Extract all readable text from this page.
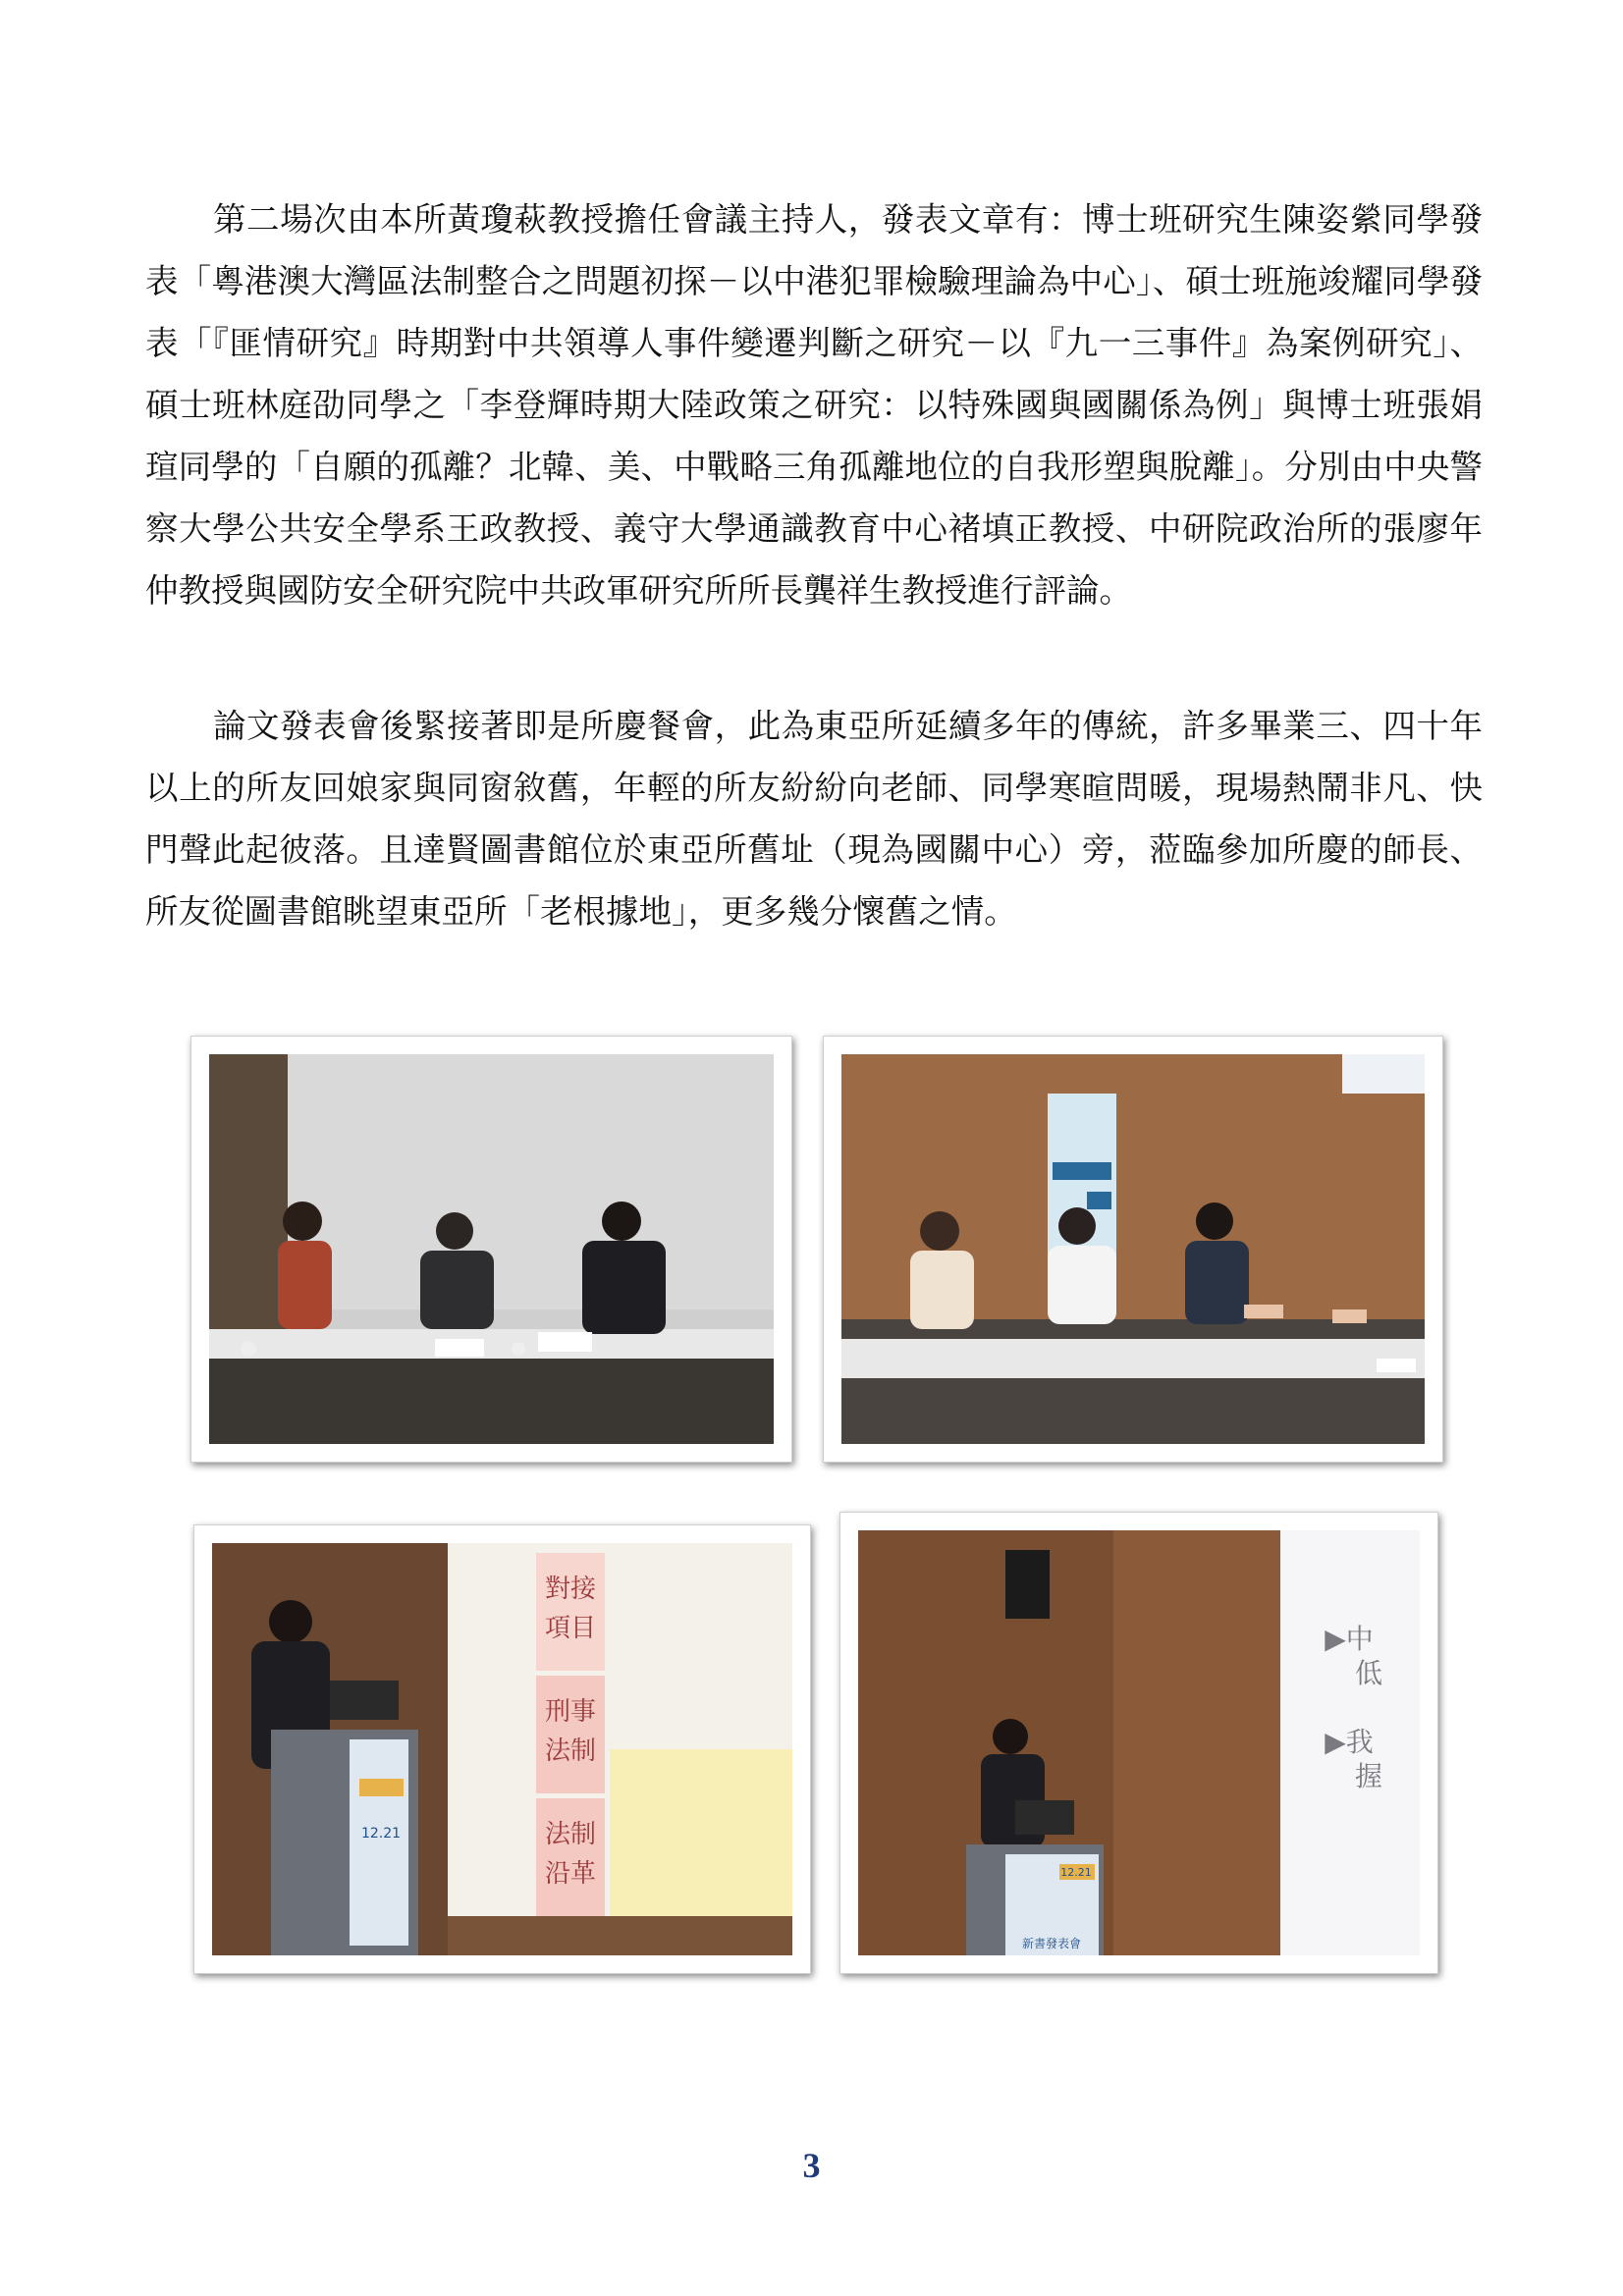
第二場次由本所黃瓊萩教授擔任會議主持人，發表文章有：博士班研究生陳姿縈同學發表「粵港澳大灣區法制整合之問題初探－以中港犯罪檢驗理論為中心」、碩士班施竣耀同學發表「『匪情研究』時期對中共領導人事件變遷判斷之研究－以『九一三事件』為案例研究」、碩士班林庭劭同學之「李登輝時期大陸政策之研究：以特殊國與國關係為例」與博士班張娟瑄同學的「自願的孤離？北韓、美、中戰略三角孤離地位的自我形塑與脫離」。分別由中央警察大學公共安全學系王政教授、義守大學通識教育中心褚填正教授、中研院政治所的張廖年仲教授與國防安全研究院中共政軍研究所所長龔祥生教授進行評論。

論文發表會後緊接著即是所慶餐會，此為東亞所延續多年的傳統，許多畢業三、四十年以上的所友回娘家與同窗敘舊，年輕的所友紛紛向老師、同學寒暄問暖，現場熱鬧非凡、快門聲此起彼落。且達賢圖書館位於東亞所舊址（現為國關中心）旁，蒞臨參加所慶的師長、所友從圖書館眺望東亞所「老根據地」，更多幾分懷舊之情。

對接
項目
刑事
法制
法制
沿革
12.21
▶中
低
▶我
握
12.21
新書發表會
3
